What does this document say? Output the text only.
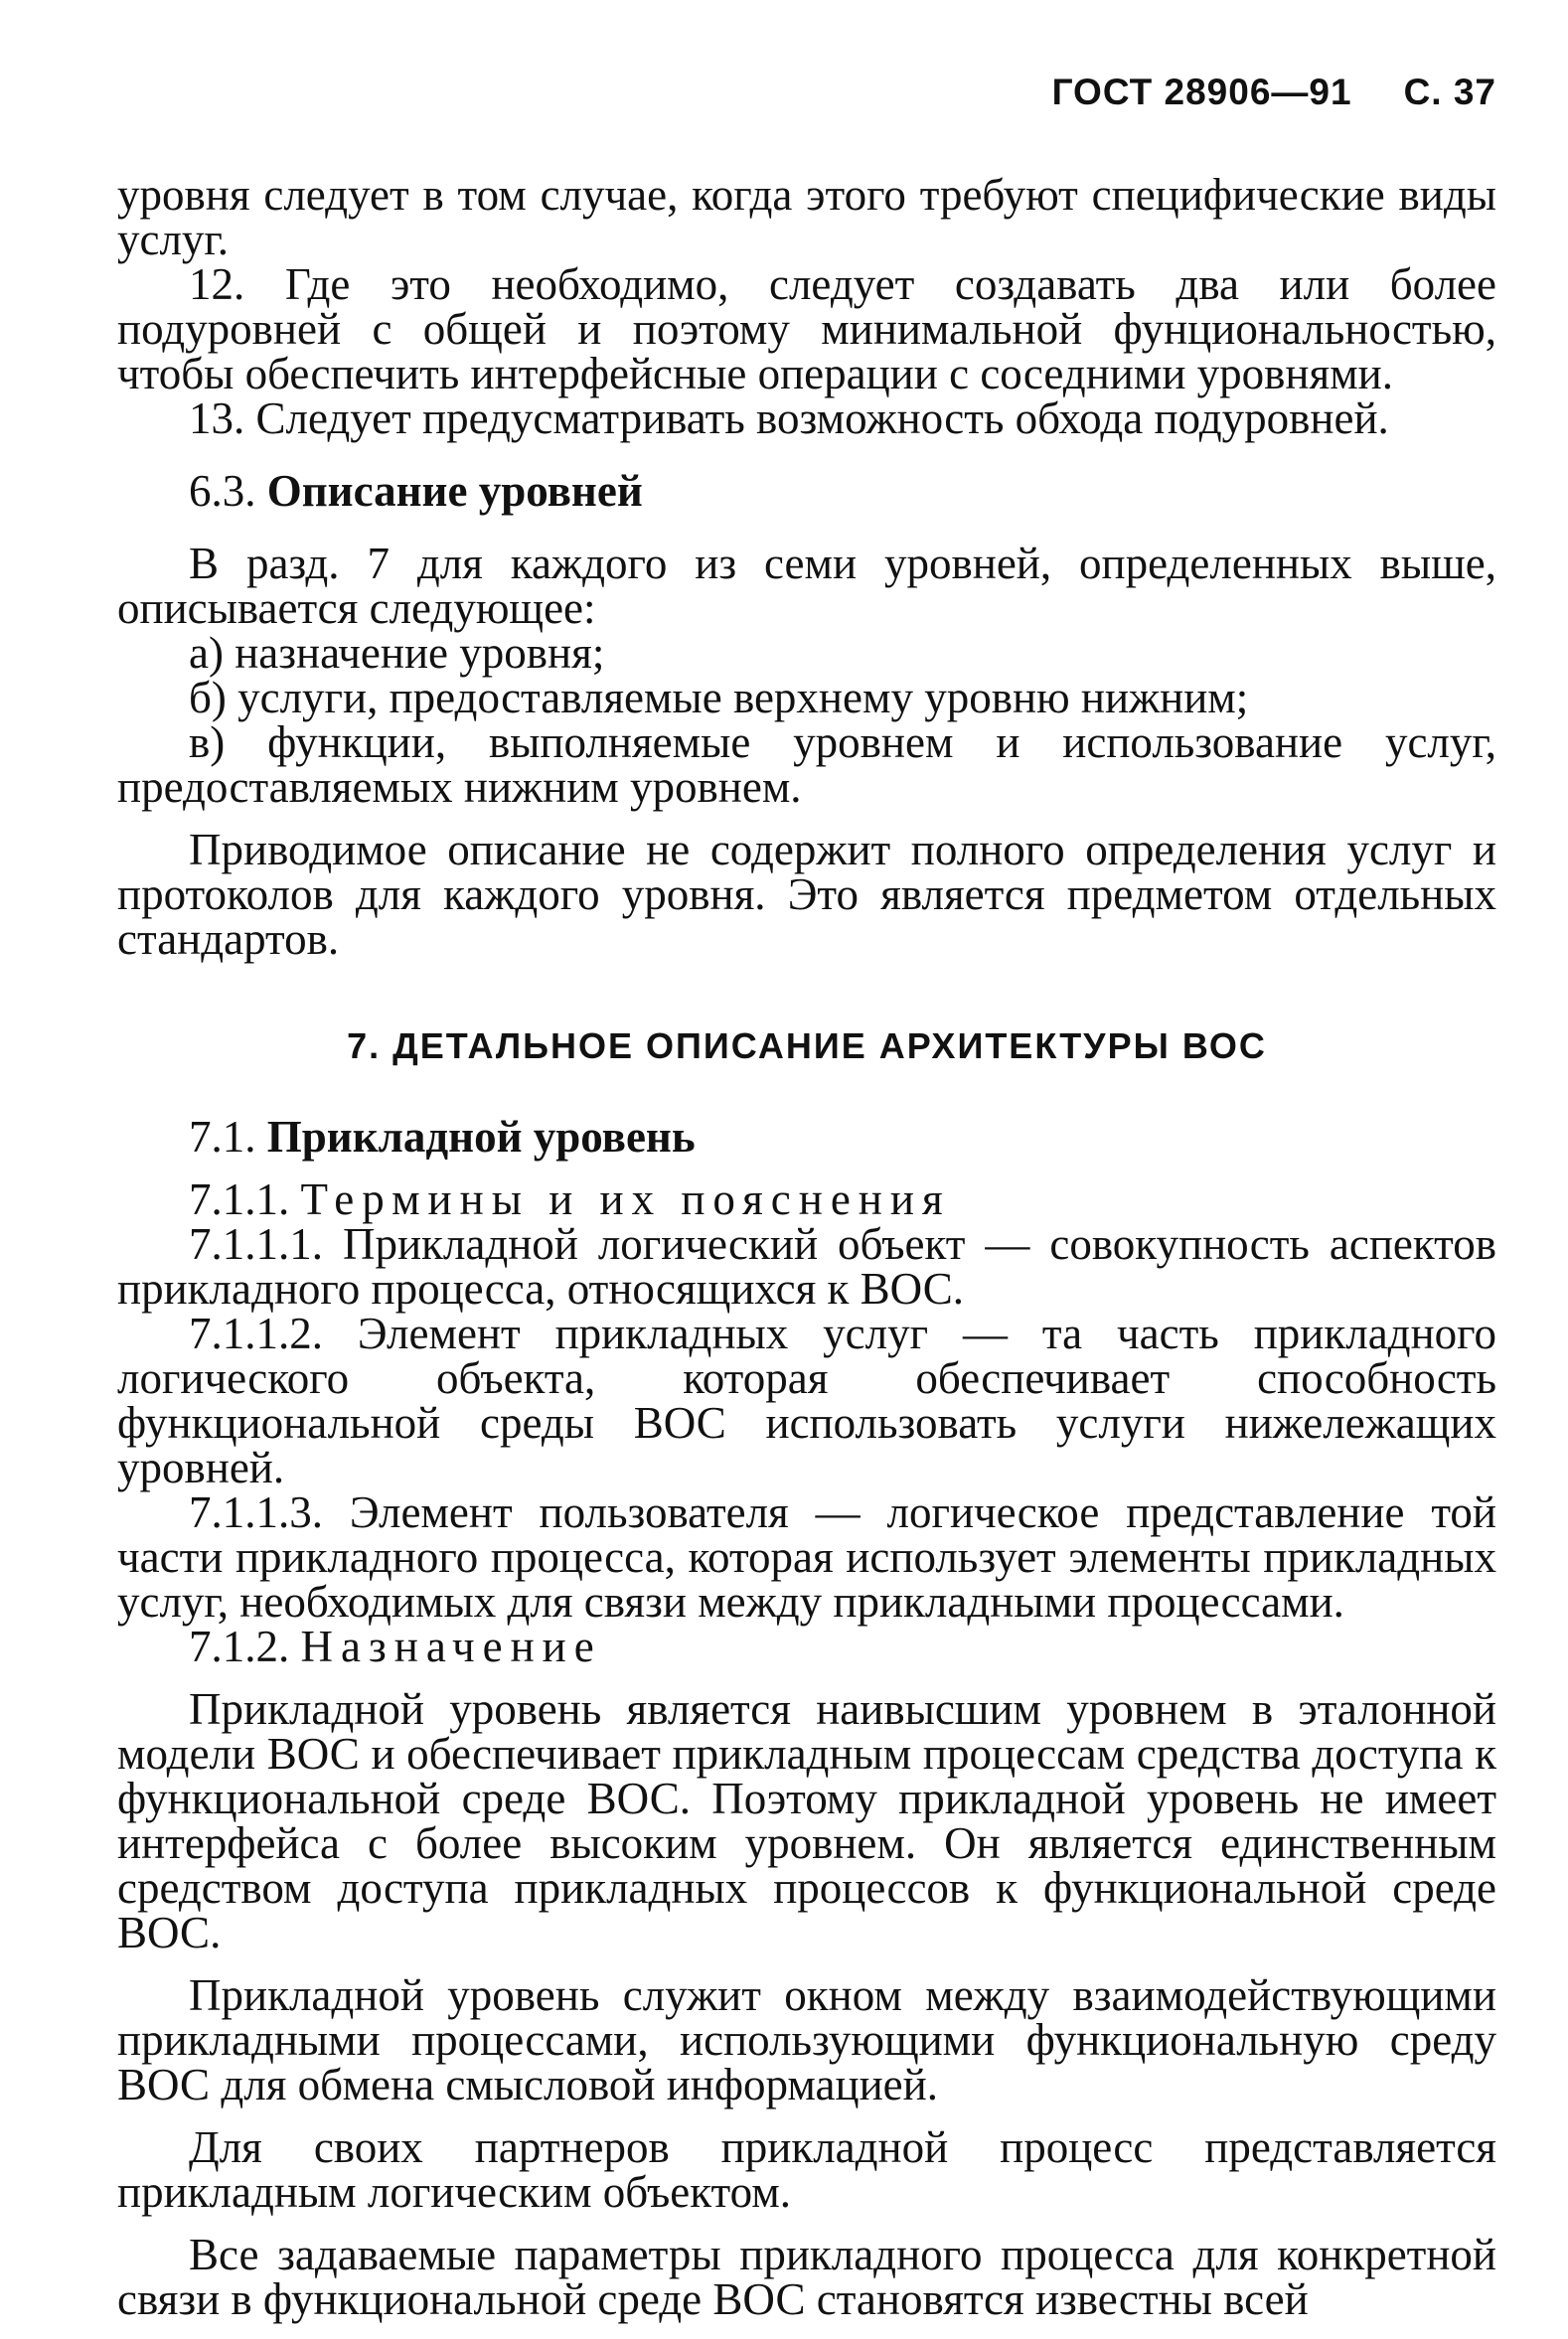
ГОСТ 28906—91 С. 37

уровня следует в том случае, когда этого требуют специфические виды услуг.

12. Где это необходимо, следует создавать два или более подуровней с общей и поэтому минимальной фунциональностью, чтобы обеспечить интерфейсные операции с соседними уровнями.

13. Следует предусматривать возможность обхода подуровней.

6.3. Описание уровней

В разд. 7 для каждого из семи уровней, определенных выше, описывается следующее:

а) назначение уровня;

б) услуги, предоставляемые верхнему уровню нижним;

в) функции, выполняемые уровнем и использование услуг, предоставляемых нижним уровнем.

Приводимое описание не содержит полного определения услуг и протоколов для каждого уровня. Это является предметом отдельных стандартов.

7. ДЕТАЛЬНОЕ ОПИСАНИЕ АРХИТЕКТУРЫ ВОС

7.1. Прикладной уровень

7.1.1. Термины и их пояснения

7.1.1.1. Прикладной логический объект — совокупность аспектов прикладного процесса, относящихся к ВОС.

7.1.1.2. Элемент прикладных услуг — та часть прикладного логического объекта, которая обеспечивает способность функциональной среды ВОС использовать услуги нижележащих уровней.

7.1.1.3. Элемент пользователя — логическое представление той части прикладного процесса, которая использует элементы прикладных услуг, необходимых для связи между прикладными процессами.

7.1.2. Назначение

Прикладной уровень является наивысшим уровнем в эталонной модели ВОС и обеспечивает прикладным процессам средства доступа к функциональной среде ВОС. Поэтому прикладной уровень не имеет интерфейса с более высоким уровнем. Он является единственным средством доступа прикладных процессов к функциональной среде ВОС.

Прикладной уровень служит окном между взаимодействующими прикладными процессами, использующими функциональную среду ВОС для обмена смысловой информацией.

Для своих партнеров прикладной процесс представляется прикладным логическим объектом.

Все задаваемые параметры прикладного процесса для конкретной связи в функциональной среде ВОС становятся известны всей
